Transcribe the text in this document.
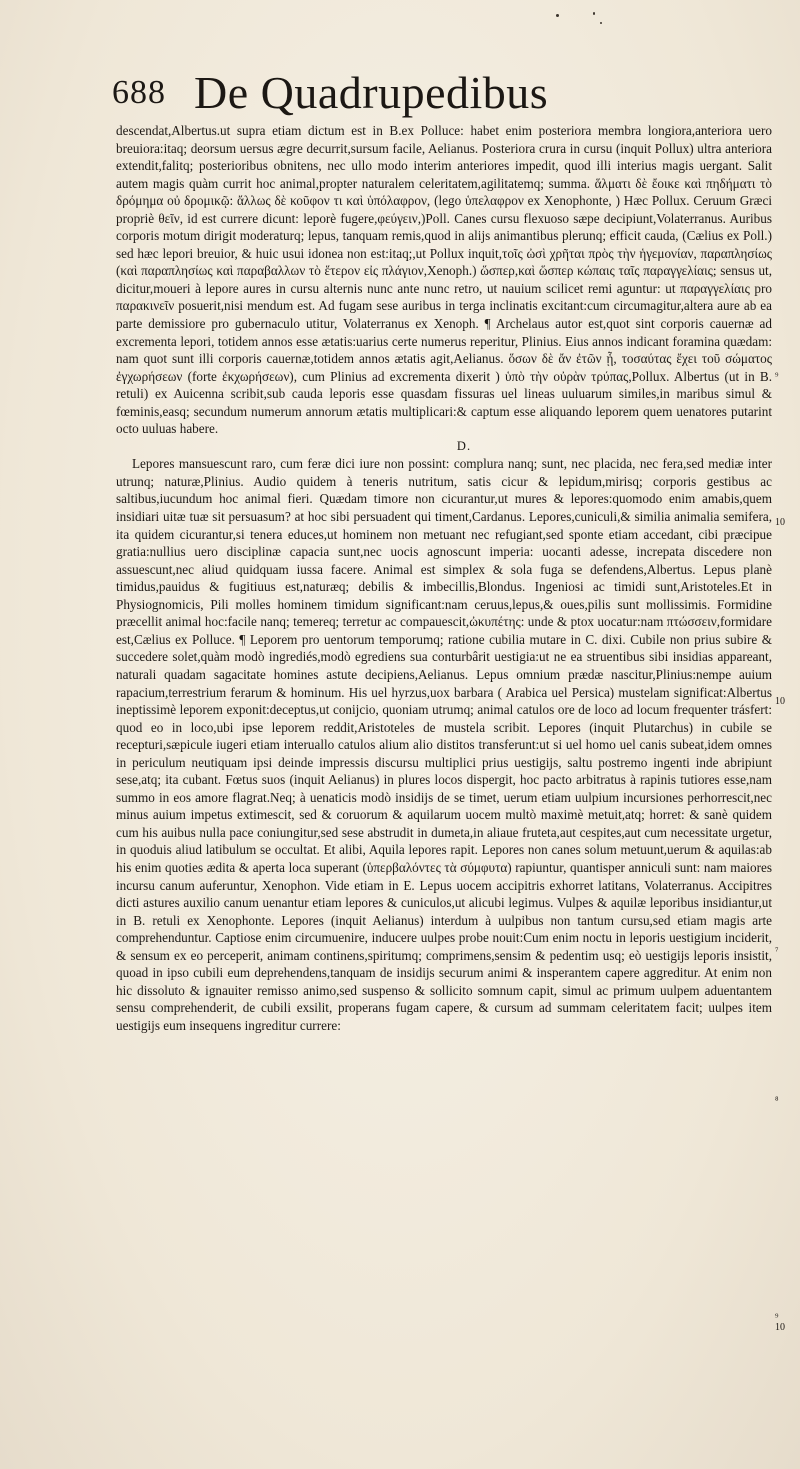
688 De Quadrupedibus

descendat,Albertus.ut supra etiam dictum est in B.ex Polluce: habet enim posteriora membra longiora,anteriora uero breuiora:itaq; deorsum uersus ægre decurrit,sursum facile, Aelianus. Posteriora crura in cursu (inquit Pollux) ultra anteriora extendit,falitq; posterioribus obnitens, nec ullo modo interim anteriores impedit, quod illi interius magis uergant. Salit autem magis quàm currit hoc animal,propter naturalem celeritatem,agilitatemq; summa. ἅλματι δὲ ἔοικε καὶ πηδήματι τὸ δρόμημα οὐ δρομικῷ: ἄλλως δὲ κοῦφον τι καὶ ὑπόλαφρον, (lego ὑπελαφρον ex Xenophonte, ) Hæc Pollux. Ceruum Græci propriè θεῖν, id est currere dicunt: leporè fugere,φεύγειν,)Poll. Canes cursu flexuoso sæpe decipiunt,Volaterranus. Auribus corporis motum dirigit moderaturq; lepus, tanquam remis,quod in alijs animantibus plerunq; efficit cauda, (Cælius ex Poll.) sed hæc lepori breuior, & huic usui idonea non est:itaq;,ut Pollux inquit,τοῖς ὠσὶ χρῆται πρὸς τὴν ἡγεμονίαν, παραπλησίως (καὶ παραπλησίως καὶ παραβαλλων τὸ ἕτερον εἰς πλάγιον,Xenoph.) ὥσπερ,καὶ ὥσπερ κώπαις ταῖς παραγγελίαις; sensus ut, dicitur,moueri à lepore aures in cursu alternis nunc ante nunc retro, ut nauium scilicet remi aguntur: ut παραγγελίαις pro παρακινεῖν posuerit,nisi mendum est. Ad fugam sese auribus in terga inclinatis excitant:cum circumagitur,altera aure ab ea parte demissiore pro gubernaculo utitur, Volaterranus ex Xenoph. ¶ Archelaus autor est,quot sint corporis cauernæ ad excrementa lepori, totidem annos esse ætatis:uarius certe numerus reperitur, Plinius. Eius annos indicant foramina quædam: nam quot sunt illi corporis cauernæ,totidem annos ætatis agit,Aelianus. ὅσων δὲ ἄν ἐτῶν ᾖ, τοσαύτας ἔχει τοῦ σώματος ἐγχωρήσεων (forte ἐκχωρήσεων), cum Plinius ad excrementa dixerit ) ὑπὸ τὴν οὐρὰν τρύπας,Pollux. Albertus (ut in B. retuli) ex Auicenna scribit,sub cauda leporis esse quasdam fissuras uel lineas uuluarum similes,in maribus simul & fœminis,easq; secundum numerum annorum ætatis multiplicari:& captum esse aliquando leporem quem uenatores putarint octo uuluas habere.

D.

Lepores mansuescunt raro, cum feræ dici iure non possint: complura nanq; sunt, nec placida, nec fera,sed mediæ inter utrunq; naturæ,Plinius. Audio quidem à teneris nutritum, satis cicur & lepidum,mirisq; corporis gestibus ac saltibus,iucundum hoc animal fieri. Quædam timore non cicurantur,ut mures & lepores:quomodo enim amabis,quem insidiari uitæ tuæ sit persuasum? at hoc sibi persuadent qui timent,Cardanus. Lepores,cuniculi,& similia animalia semifera, ita quidem cicurantur,si tenera educes,ut hominem non metuant nec refugiant,sed sponte etiam accedant, cibi præcipue gratia:nullius uero disciplinæ capacia sunt,nec uocis agnoscunt imperia: uocanti adesse, increpata discedere non assuescunt,nec aliud quidquam iussa facere. Animal est simplex & sola fuga se defendens,Albertus. Lepus planè timidus,pauidus & fugitiuus est,naturæq; debilis & imbecillis,Blondus. Ingeniosi ac timidi sunt,Aristoteles.Et in Physiognomicis, Pili molles hominem timidum significant:nam ceruus,lepus,& oues,pilis sunt mollissimis. Formidine præcellit animal hoc:facile nanq; temereq; terretur ac compauescit,ὠκυπέτης: unde & ptox uocatur:nam πτώσσειν,formidare est,Cælius ex Polluce. ¶ Leporem pro uentorum temporumq; ratione cubilia mutare in C. dixi. Cubile non prius subire & succedere solet,quàm modò ingrediés,modò egrediens sua conturbârit uestigia:ut ne ea struentibus sibi insidias appareant, naturali quadam sagacitate homines astute decipiens,Aelianus. Lepus omnium prædæ nascitur,Plinius:nempe auium rapacium,terrestrium ferarum & hominum. His uel hyrzus,uox barbara ( Arabica uel Persica) mustelam significat:Albertus ineptissimè leporem exponit:deceptus,ut conijcio, quoniam utrumq; animal catulos ore de loco ad locum frequenter trásfert: quod eo in loco,ubi ipse leporem reddit,Aristoteles de mustela scribit. Lepores (inquit Plutarchus) in cubile se recepturi,sæpicule iugeri etiam interuallo catulos alium alio distitos transferunt:ut si uel homo uel canis subeat,idem omnes in periculum neutiquam ipsi deinde impressis discursu multiplici prius uestigijs, saltu postremo ingenti inde abripiunt sese,atq; ita cubant. Fœtus suos (inquit Aelianus) in plures locos dispergit, hoc pacto arbitratus à rapinis tutiores esse,nam summo in eos amore flagrat.Neq; à uenaticis modò insidijs de se timet, uerum etiam uulpium incursiones perhorrescit,nec minus auium impetus extimescit, sed & coruorum & aquilarum uocem multò maximè metuit,atq; horret: & sanè quidem cum his auibus nulla pace coniungitur,sed sese abstrudit in dumeta,in aliaue fruteta,aut cespites,aut cum necessitate urgetur, in quoduis aliud latibulum se occultat. Et alibi, Aquila lepores rapit. Lepores non canes solum metuunt,uerum & aquilas:ab his enim quoties ædita & aperta loca superant (ὑπερβαλόντες τὰ σύμφυτα) rapiuntur, quantisper anniculi sunt: nam maiores incursu canum auferuntur, Xenophon. Vide etiam in E. Lepus uocem accipitris exhorret latitans, Volaterranus. Accipitres dicti astures auxilio canum uenantur etiam lepores & cuniculos,ut alicubi legimus. Vulpes & aquilæ leporibus insidiantur,ut in B. retuli ex Xenophonte. Lepores (inquit Aelianus) interdum à uulpibus non tantum cursu,sed etiam magis arte comprehenduntur. Captiose enim circumuenire, inducere uulpes probe nouit:Cum enim noctu in leporis uestigium inciderit, & sensum ex eo perceperit, animam continens,spiritumq; comprimens,sensim & pedentim usq; eò uestigijs leporis insistit, quoad in ipso cubili eum deprehendens,tanquam de insidijs securum animi & insperantem capere aggreditur. At enim non hic dissoluto & ignauiter remisso animo,sed suspenso & sollicito somnum capit, simul ac primum uulpem aduentantem sensu comprehenderit, de cubili exsilit, properans fugam capere, & cursum ad summam celeritatem facit; uulpes item uestigijs eum insequens ingreditur currere:

⁹
10
10
⁷
⁸
⁹
10
